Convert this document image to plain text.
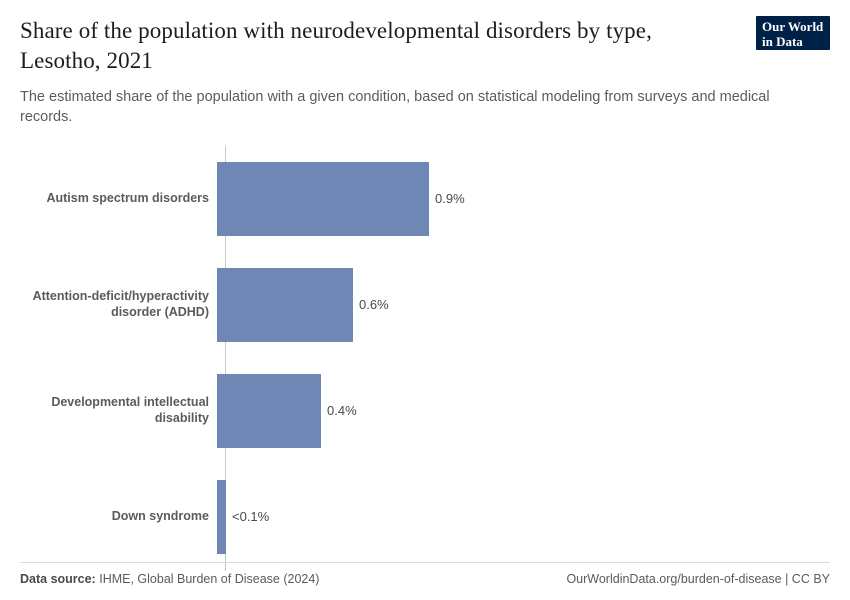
Share of the population with neurodevelopmental disorders by type, Lesotho, 2021

The estimated share of the population with a given condition, based on statistical modeling from surveys and medical records.

Our World
in Data
Autism spectrum disorders	0.9%
Attention-deficit/hyperactivity disorder (ADHD)	0.6%
Developmental intellectual disability	0.4%
Down syndrome	<0.1%
Data source: IHME, Global Burden of Disease (2024)	OurWorldinData.org/burden-of-disease | CC BY
